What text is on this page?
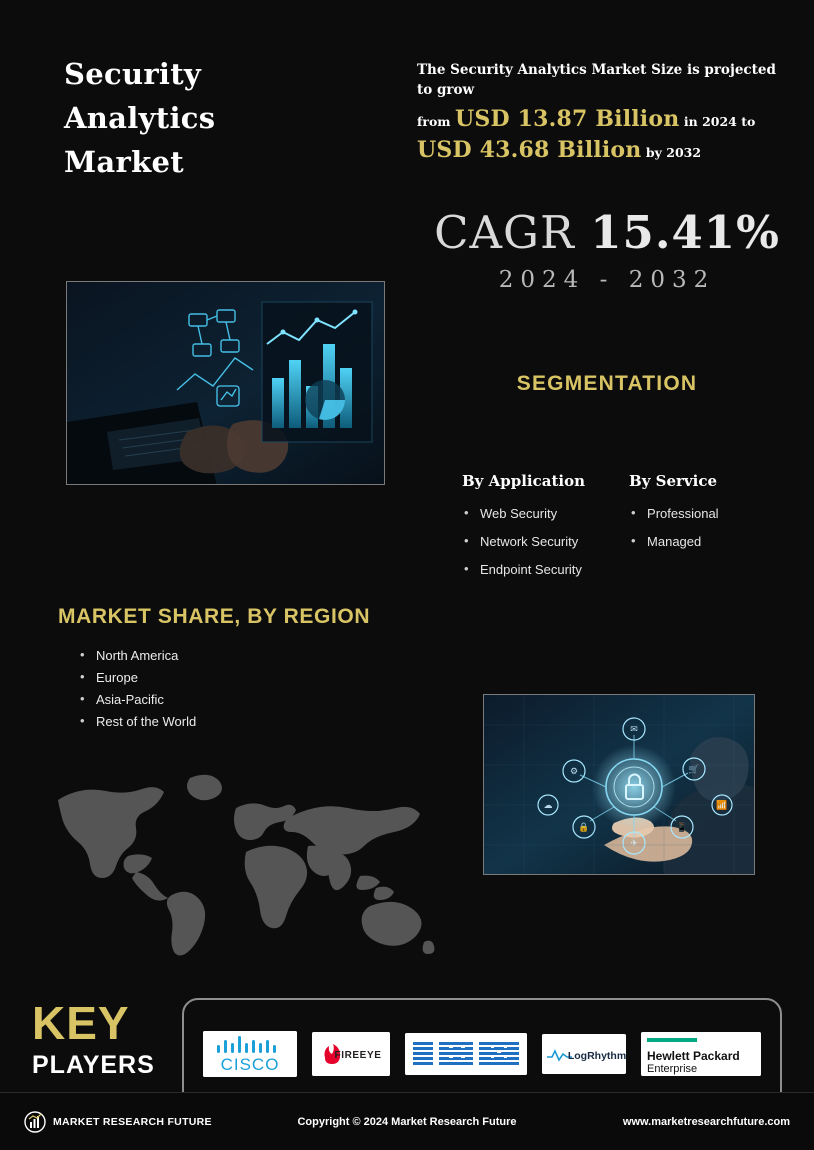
Security
Analytics
Market
The Security Analytics Market Size is projected to grow
from USD 13.87 Billion in 2024 to
USD 43.68 Billion by 2032
CAGR 15.41%
2024 - 2032
SEGMENTATION
By Application
• Web Security
• Network Security
• Endpoint Security
By Service
• Professional
• Managed
MARKET SHARE, BY REGION
• North America
• Europe
• Asia-Pacific
• Rest of the World	✉
🛒
⚙
✈
📱
🔒
☁	📶
KEY
PLAYERS	CISCO	FIREEYE	LogRhythm Hewlett Packard
Enterprise
MARKET RESEARCH FUTURE	Copyright © 2024 Market Research Future	www.marketresearchfuture.com
